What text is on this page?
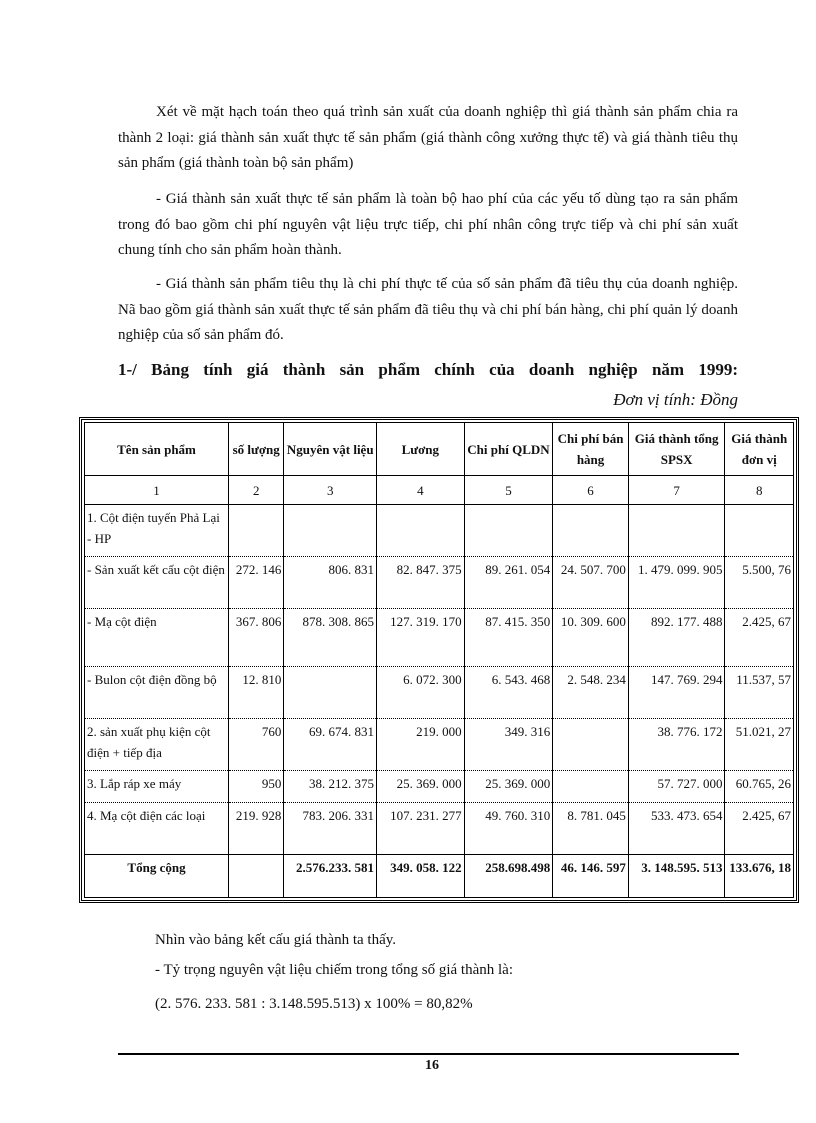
Xét về mặt hạch toán theo quá trình sản xuất của doanh nghiệp thì giá thành sản phẩm chia ra thành 2 loại: giá thành sản xuất thực tế sản phẩm (giá thành công xưởng thực tế) và giá thành tiêu thụ sản phẩm (giá thành toàn bộ sản phẩm)

- Giá thành sản xuất thực tế sản phẩm là toàn bộ hao phí của các yếu tố dùng tạo ra sản phẩm trong đó bao gồm chi phí nguyên vật liệu trực tiếp, chi phí nhân công trực tiếp và chi phí sản xuất chung tính cho sản phẩm hoàn thành.

- Giá thành sản phẩm tiêu thụ là chi phí thực tế của số sản phẩm đã tiêu thụ của doanh nghiệp. Nã bao gồm giá thành sản xuất thực tế sản phẩm đã tiêu thụ và chi phí bán hàng, chi phí quản lý doanh nghiệp của số sản phẩm đó.

1-/ Bảng tính giá thành sản phẩm chính của doanh nghiệp năm 1999:

Đơn vị tính: Đồng

Tên sản phẩm	số lượng	Nguyên vật liệu	Lương	Chi phí QLDN	Chi phí bán hàng	Giá thành tổng SPSX	Giá thành đơn vị
1	2	3	4	5	6	7	8
1. Cột điện tuyến Phả Lại - HP							
- Sản xuất kết cấu cột điện	272. 146	806. 831	82. 847. 375	89. 261. 054	24. 507. 700	1. 479. 099. 905	5.500, 76
- Mạ cột điện	367. 806	878. 308. 865	127. 319. 170	87. 415. 350	10. 309. 600	892. 177. 488	2.425, 67
- Bulon cột điện đồng bộ	12. 810		6. 072. 300	6. 543. 468	2. 548. 234	147. 769. 294	11.537, 57
2. sản xuất phụ kiện cột điện + tiếp địa	760	69. 674. 831	219. 000	349. 316		38. 776. 172	51.021, 27
3. Lắp ráp xe máy	950	38. 212. 375	25. 369. 000	25. 369. 000		57. 727. 000	60.765, 26
4. Mạ cột điện các loại	219. 928	783. 206. 331	107. 231. 277	49. 760. 310	8. 781. 045	533. 473. 654	2.425, 67
Tổng cộng		2.576.233. 581	349. 058. 122	258.698.498	46. 146. 597	3. 148.595. 513	133.676, 18

Nhìn vào bảng kết cấu giá thành ta thấy.

- Tỷ trọng nguyên vật liệu chiếm trong tổng số giá thành là:

(2. 576. 233. 581 : 3.148.595.513) x 100% = 80,82%

16
